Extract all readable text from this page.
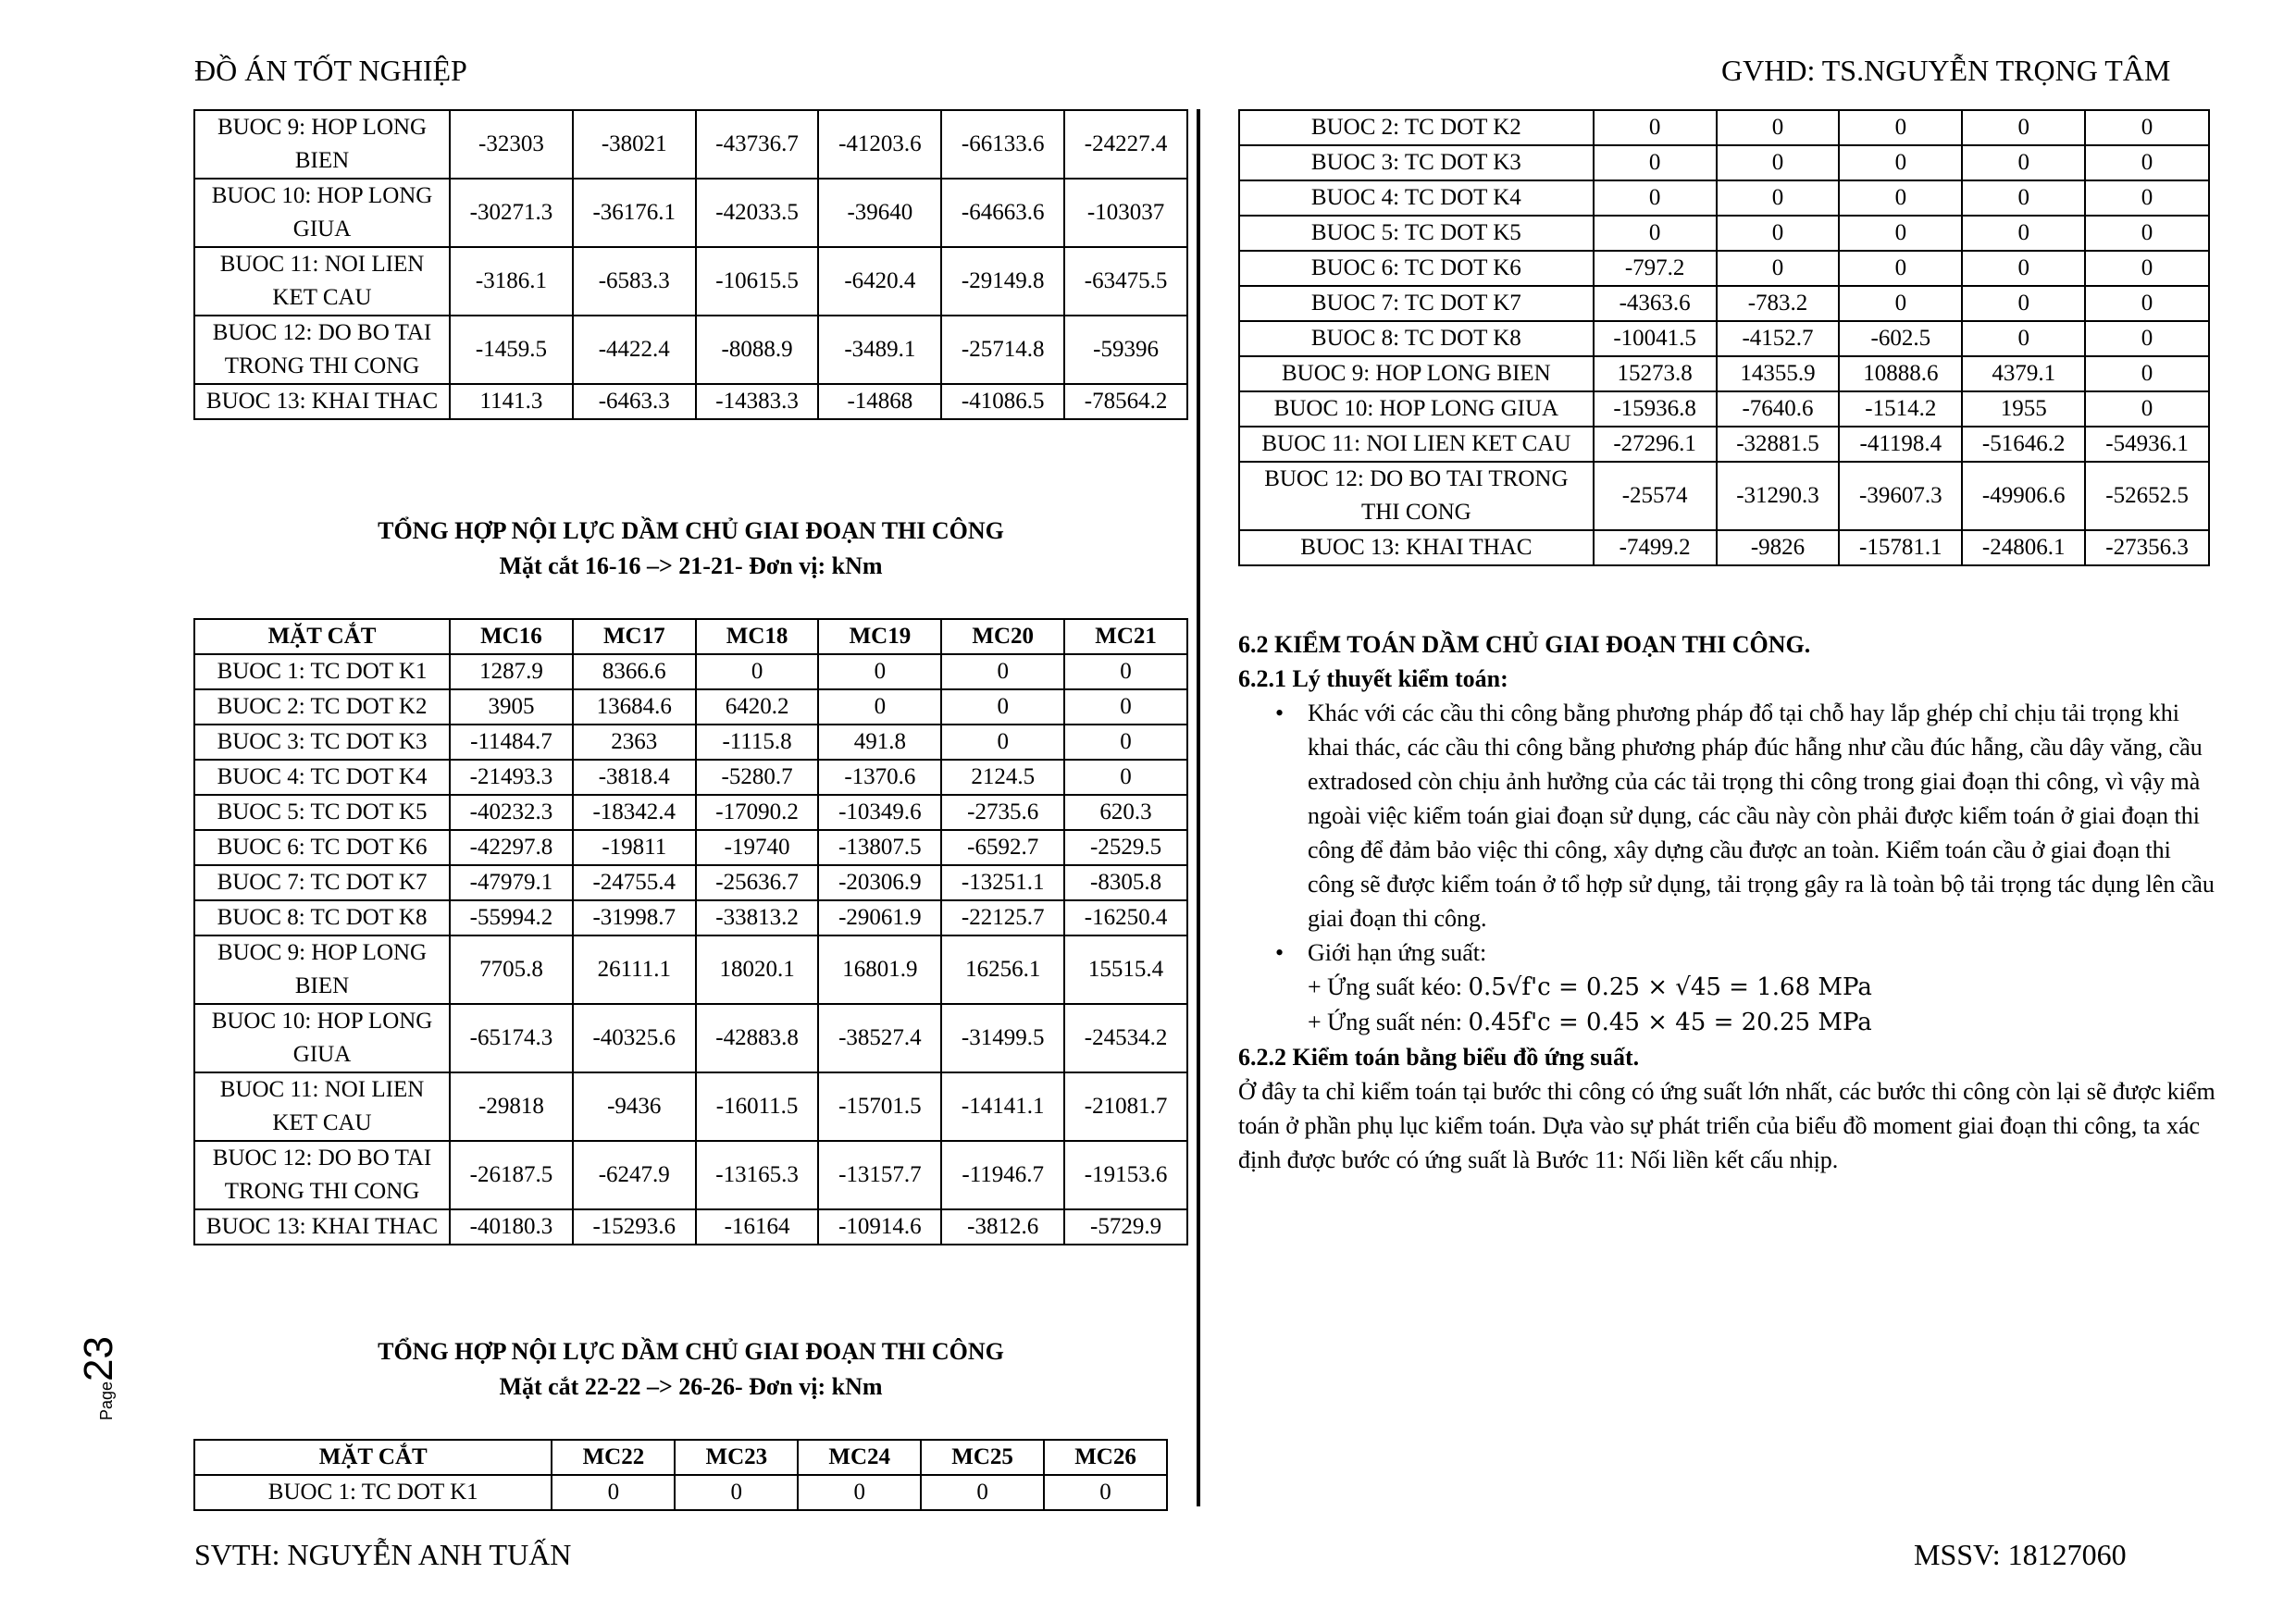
ĐỒ ÁN TỐT NGHIỆP	GVHD: TS.NGUYỄN TRỌNG TÂM
BUOC 9: HOP LONG BIEN	-32303	-38021	-43736.7	-41203.6	-66133.6	-24227.4
BUOC 10: HOP LONG GIUA	-30271.3	-36176.1	-42033.5	-39640	-64663.6	-103037
BUOC 11: NOI LIEN KET CAU	-3186.1	-6583.3	-10615.5	-6420.4	-29149.8	-63475.5
BUOC 12: DO BO TAI TRONG THI CONG	-1459.5	-4422.4	-8088.9	-3489.1	-25714.8	-59396
BUOC 13: KHAI THAC	1141.3	-6463.3	-14383.3	-14868	-41086.5	-78564.2
TỔNG HỢP NỘI LỰC DẦM CHỦ GIAI ĐOẠN THI CÔNG
Mặt cắt 16-16 –> 21-21- Đơn vị: kNm
MẶT CẮT	MC16	MC17	MC18	MC19	MC20	MC21
BUOC 1: TC DOT K1	1287.9	8366.6	0	0	0	0
BUOC 2: TC DOT K2	3905	13684.6	6420.2	0	0	0
BUOC 3: TC DOT K3	-11484.7	2363	-1115.8	491.8	0	0
BUOC 4: TC DOT K4	-21493.3	-3818.4	-5280.7	-1370.6	2124.5	0
BUOC 5: TC DOT K5	-40232.3	-18342.4	-17090.2	-10349.6	-2735.6	620.3
BUOC 6: TC DOT K6	-42297.8	-19811	-19740	-13807.5	-6592.7	-2529.5
BUOC 7: TC DOT K7	-47979.1	-24755.4	-25636.7	-20306.9	-13251.1	-8305.8
BUOC 8: TC DOT K8	-55994.2	-31998.7	-33813.2	-29061.9	-22125.7	-16250.4
BUOC 9: HOP LONG BIEN	7705.8	26111.1	18020.1	16801.9	16256.1	15515.4
BUOC 10: HOP LONG GIUA	-65174.3	-40325.6	-42883.8	-38527.4	-31499.5	-24534.2
BUOC 11: NOI LIEN KET CAU	-29818	-9436	-16011.5	-15701.5	-14141.1	-21081.7
BUOC 12: DO BO TAI TRONG THI CONG	-26187.5	-6247.9	-13165.3	-13157.7	-11946.7	-19153.6
BUOC 13: KHAI THAC	-40180.3	-15293.6	-16164	-10914.6	-3812.6	-5729.9
TỔNG HỢP NỘI LỰC DẦM CHỦ GIAI ĐOẠN THI CÔNG
Mặt cắt 22-22 –> 26-26- Đơn vị: kNm
MẶT CẮT	MC22	MC23	MC24	MC25	MC26
BUOC 1: TC DOT K1	0	0	0	0	0
BUOC 2: TC DOT K2	0	0	0	0	0
BUOC 3: TC DOT K3	0	0	0	0	0
BUOC 4: TC DOT K4	0	0	0	0	0
BUOC 5: TC DOT K5	0	0	0	0	0
BUOC 6: TC DOT K6	-797.2	0	0	0	0
BUOC 7: TC DOT K7	-4363.6	-783.2	0	0	0
BUOC 8: TC DOT K8	-10041.5	-4152.7	-602.5	0	0
BUOC 9: HOP LONG BIEN	15273.8	14355.9	10888.6	4379.1	0
BUOC 10: HOP LONG GIUA	-15936.8	-7640.6	-1514.2	1955	0
BUOC 11: NOI LIEN KET CAU	-27296.1	-32881.5	-41198.4	-51646.2	-54936.1
BUOC 12: DO BO TAI TRONG THI CONG	-25574	-31290.3	-39607.3	-49906.6	-52652.5
BUOC 13: KHAI THAC	-7499.2	-9826	-15781.1	-24806.1	-27356.3
6.2 KIỂM TOÁN DẦM CHỦ GIAI ĐOẠN THI CÔNG.
6.2.1 Lý thuyết kiểm toán:
• Khác với các cầu thi công bằng phương pháp đổ tại chỗ hay lắp ghép chỉ chịu tải trọng khi khai thác, các cầu thi công bằng phương pháp đúc hẫng như cầu đúc hẫng, cầu dây văng, cầu extradosed còn chịu ảnh hưởng của các tải trọng thi công trong giai đoạn thi công, vì vậy mà ngoài việc kiểm toán giai đoạn sử dụng, các cầu này còn phải được kiểm toán ở giai đoạn thi công để đảm bảo việc thi công, xây dựng cầu được an toàn. Kiểm toán cầu ở giai đoạn thi công sẽ được kiểm toán ở tổ hợp sử dụng, tải trọng gây ra là toàn bộ tải trọng tác dụng lên cầu giai đoạn thi công.
• Giới hạn ứng suất:
+ Ứng suất kéo: 0.5√f'c = 0.25 × √45 = 1.68 MPa
+ Ứng suất nén: 0.45f'c = 0.45 × 45 = 20.25 MPa
6.2.2 Kiểm toán bằng biểu đồ ứng suất.
Ở đây ta chỉ kiểm toán tại bước thi công có ứng suất lớn nhất, các bước thi công còn lại sẽ được kiểm toán ở phần phụ lục kiểm toán. Dựa vào sự phát triển của biểu đồ moment giai đoạn thi công, ta xác định được bước có ứng suất là Bước 11: Nối liền kết cấu nhịp.
Page23
SVTH: NGUYỄN ANH TUẤN	MSSV: 18127060
